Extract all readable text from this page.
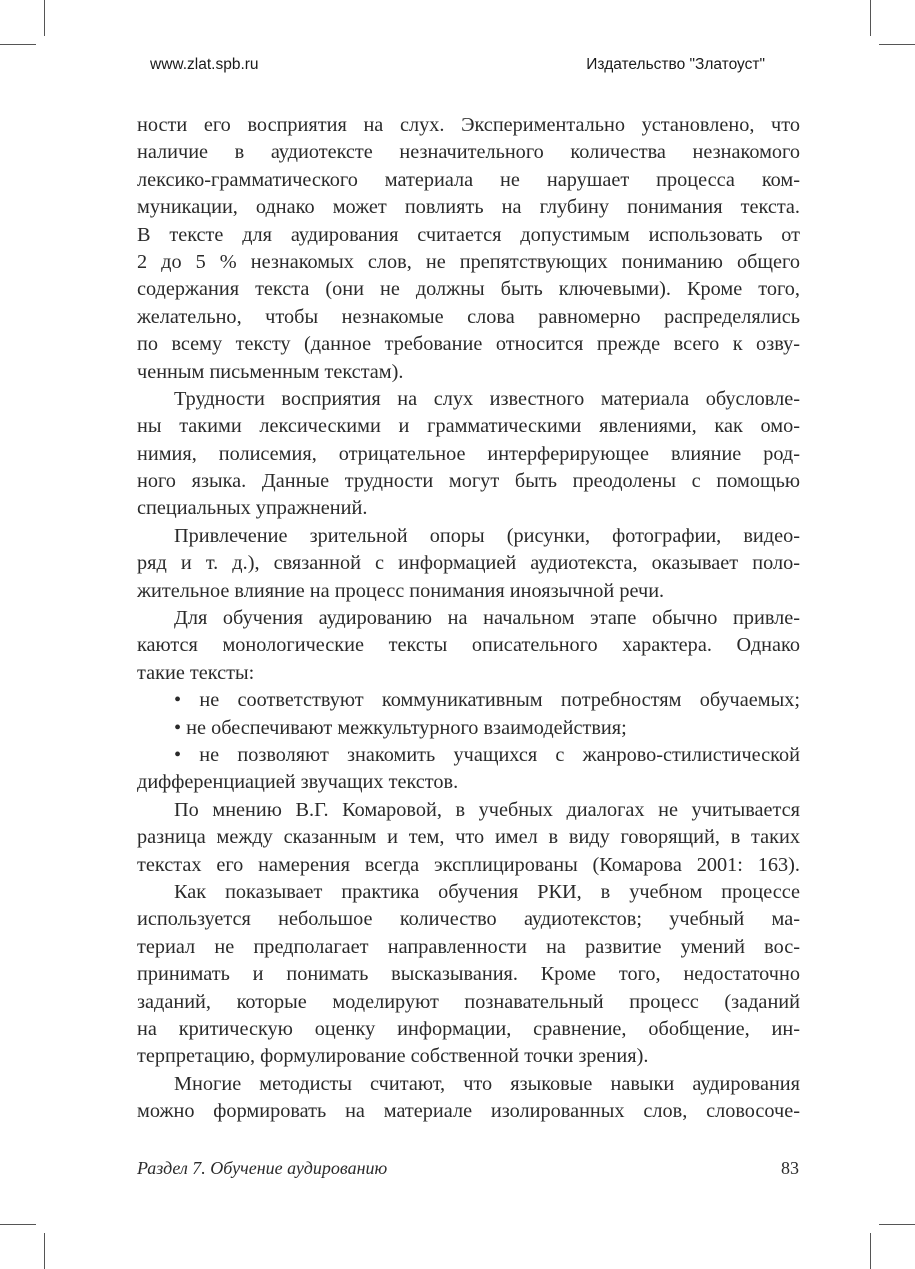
www.zlat.spb.ru	Издательство "Златоуст"
ности его восприятия на слух. Экспериментально установлено, что
наличие в аудиотексте незначительного количества незнакомого
лексико-грамматического материала не нарушает процесса ком-
муникации, однако может повлиять на глубину понимания текста.
В тексте для аудирования считается допустимым использовать от
2 до 5 % незнакомых слов, не препятствующих пониманию общего
содержания текста (они не должны быть ключевыми). Кроме того,
желательно, чтобы незнакомые слова равномерно распределялись
по всему тексту (данное требование относится прежде всего к озву-
ченным письменным текстам).
Трудности восприятия на слух известного материала обусловле-
ны такими лексическими и грамматическими явлениями, как омо-
нимия, полисемия, отрицательное интерферирующее влияние род-
ного языка. Данные трудности могут быть преодолены с помощью
специальных упражнений.
Привлечение зрительной опоры (рисунки, фотографии, видео-
ряд и т. д.), связанной с информацией аудиотекста, оказывает поло-
жительное влияние на процесс понимания иноязычной речи.
Для обучения аудированию на начальном этапе обычно привле-
каются монологические тексты описательного характера. Однако
такие тексты:
• не соответствуют коммуникативным потребностям обучаемых;
• не обеспечивают межкультурного взаимодействия;
• не позволяют знакомить учащихся с жанрово-стилистической
дифференциацией звучащих текстов.
По мнению В.Г. Комаровой, в учебных диалогах не учитывается
разница между сказанным и тем, что имел в виду говорящий, в таких
текстах его намерения всегда эксплицированы (Комарова 2001: 163).
Как показывает практика обучения РКИ, в учебном процессе
используется небольшое количество аудиотекстов; учебный ма-
териал не предполагает направленности на развитие умений вос-
принимать и понимать высказывания. Кроме того, недостаточно
заданий, которые моделируют познавательный процесс (заданий
на критическую оценку информации, сравнение, обобщение, ин-
терпретацию, формулирование собственной точки зрения).
Многие методисты считают, что языковые навыки аудирования
можно формировать на материале изолированных слов, словосоче-
Раздел 7. Обучение аудированию	83
